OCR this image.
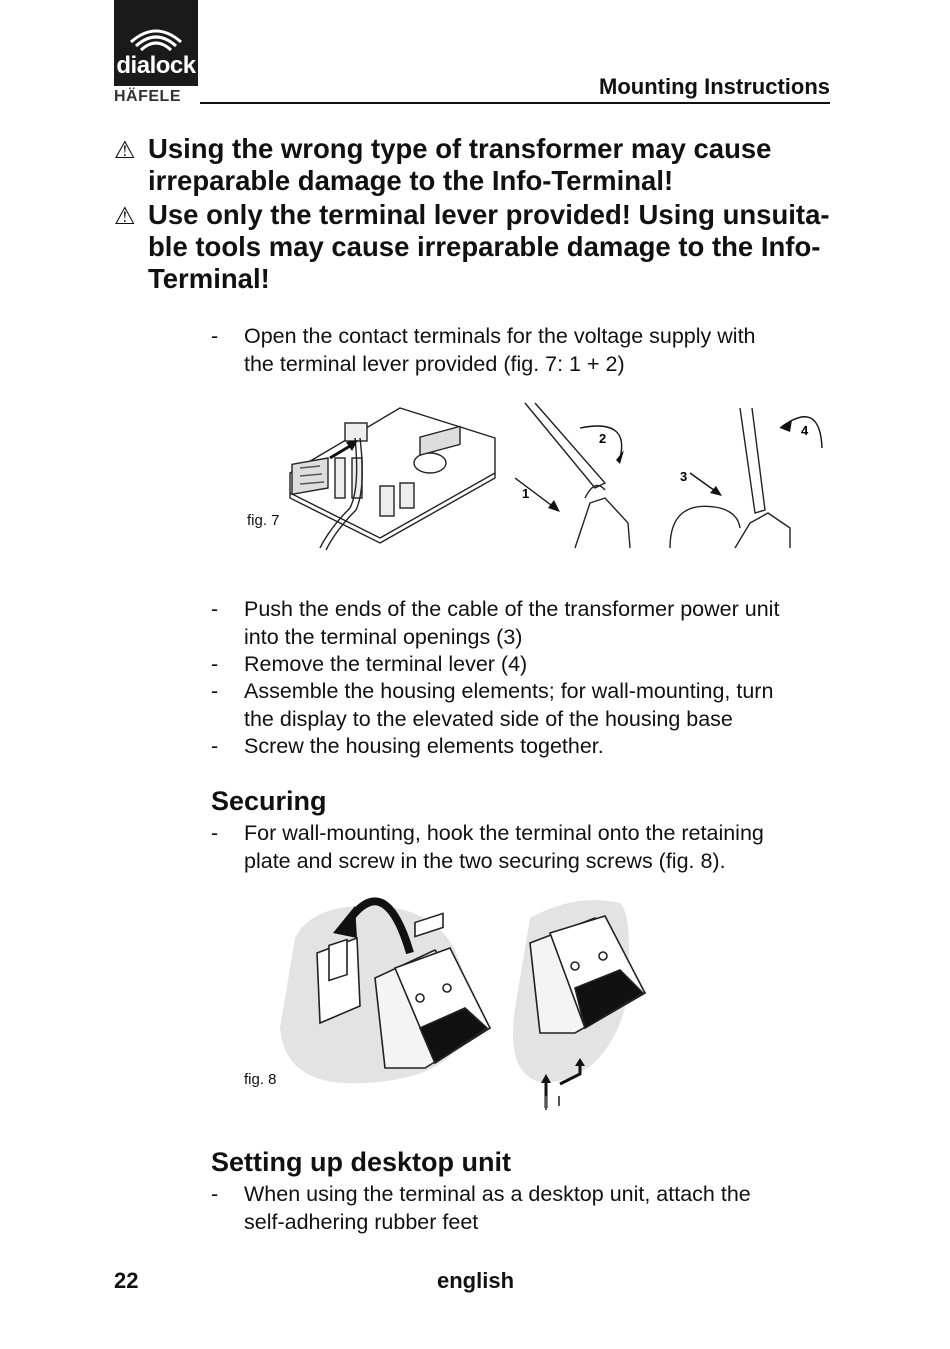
dialock
HÄFELE	Mounting Instructions
⚠ Using the wrong type of transformer may cause
irreparable damage to the Info-Terminal!
⚠ Use only the terminal lever provided! Using unsuita-
ble tools may cause irreparable damage to the Info-
Terminal!
- Open the contact terminals for the voltage supply with
the terminal lever provided (fig. 7: 1 + 2)
fig. 7
1
2
3
4
- Push the ends of the cable of the transformer power unit
into the terminal openings (3)
- Remove the terminal lever (4)
- Assemble the housing elements; for wall-mounting, turn
the display to the elevated side of the housing base
- Screw the housing elements together.
Securing
- For wall-mounting, hook the terminal onto the retaining
plate and screw in the two securing screws (fig. 8).
fig. 8
Setting up desktop unit
- When using the terminal as a desktop unit, attach the
self-adhering rubber feet
22	english
